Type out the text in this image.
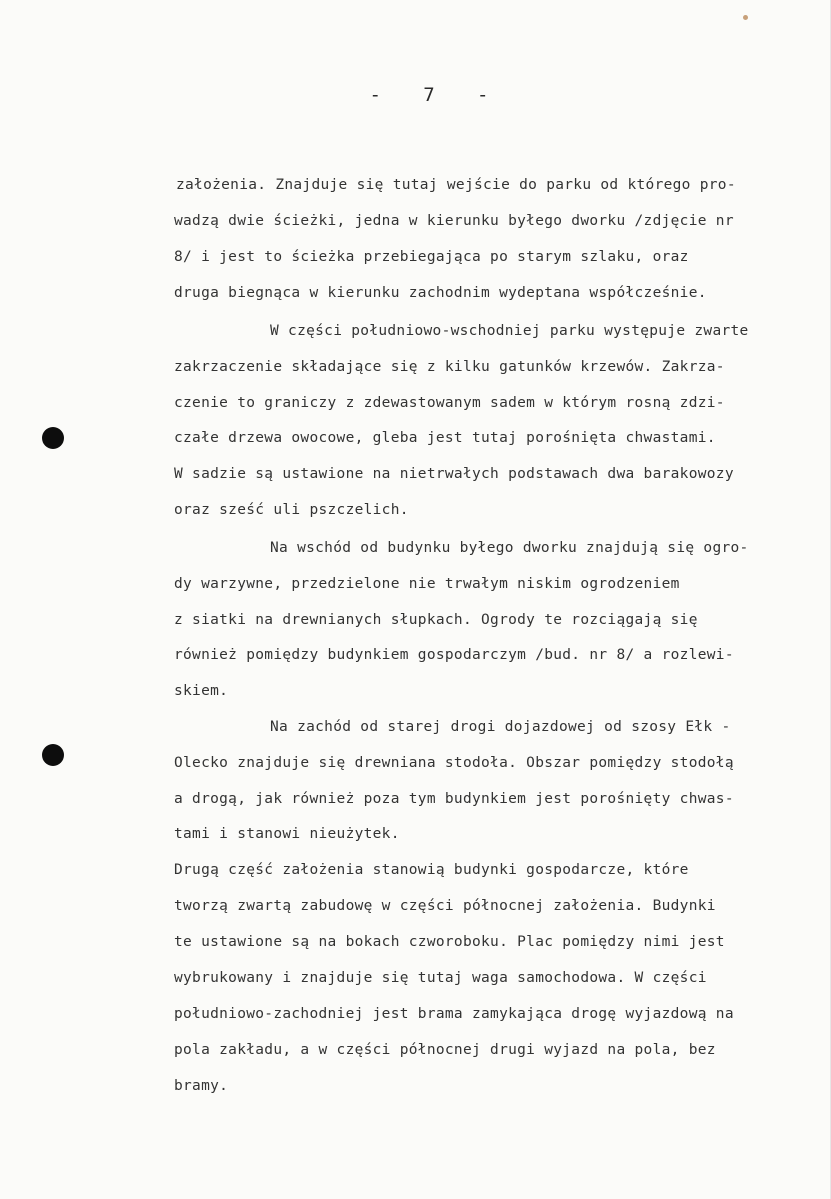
-   7   -
założenia. Znajduje się tutaj wejście do parku od którego pro-
wadzą dwie ścieżki, jedna w kierunku byłego dworku /zdjęcie nr
8/ i jest to ścieżka przebiegająca po starym szlaku, oraz
druga biegnąca w kierunku zachodnim wydeptana współcześnie.
W części południowo-wschodniej parku występuje zwarte
zakrzaczenie składające się z kilku gatunków krzewów. Zakrza-
czenie to graniczy z zdewastowanym sadem w którym rosną zdzi-
czałe drzewa owocowe, gleba jest tutaj porośnięta chwastami.
W sadzie są ustawione na nietrwałych podstawach dwa barakowozy
oraz sześć uli pszczelich.
Na wschód od budynku byłego dworku znajdują się ogro-
dy warzywne, przedzielone nie trwałym niskim ogrodzeniem
z siatki na drewnianych słupkach. Ogrody te rozciągają się
również pomiędzy budynkiem gospodarczym /bud. nr 8/ a rozlewi-
skiem.
Na zachód od starej drogi dojazdowej od szosy Ełk -
Olecko znajduje się drewniana stodoła. Obszar pomiędzy stodołą
a drogą, jak również poza tym budynkiem jest porośnięty chwas-
tami i stanowi nieużytek.
Drugą część założenia stanowią budynki gospodarcze, które
tworzą zwartą zabudowę w części północnej założenia. Budynki
te ustawione są na bokach czworoboku. Plac pomiędzy nimi jest
wybrukowany i znajduje się tutaj waga samochodowa. W części
południowo-zachodniej jest brama zamykająca drogę wyjazdową na
pola zakładu, a w części północnej drugi wyjazd na pola, bez
bramy.
